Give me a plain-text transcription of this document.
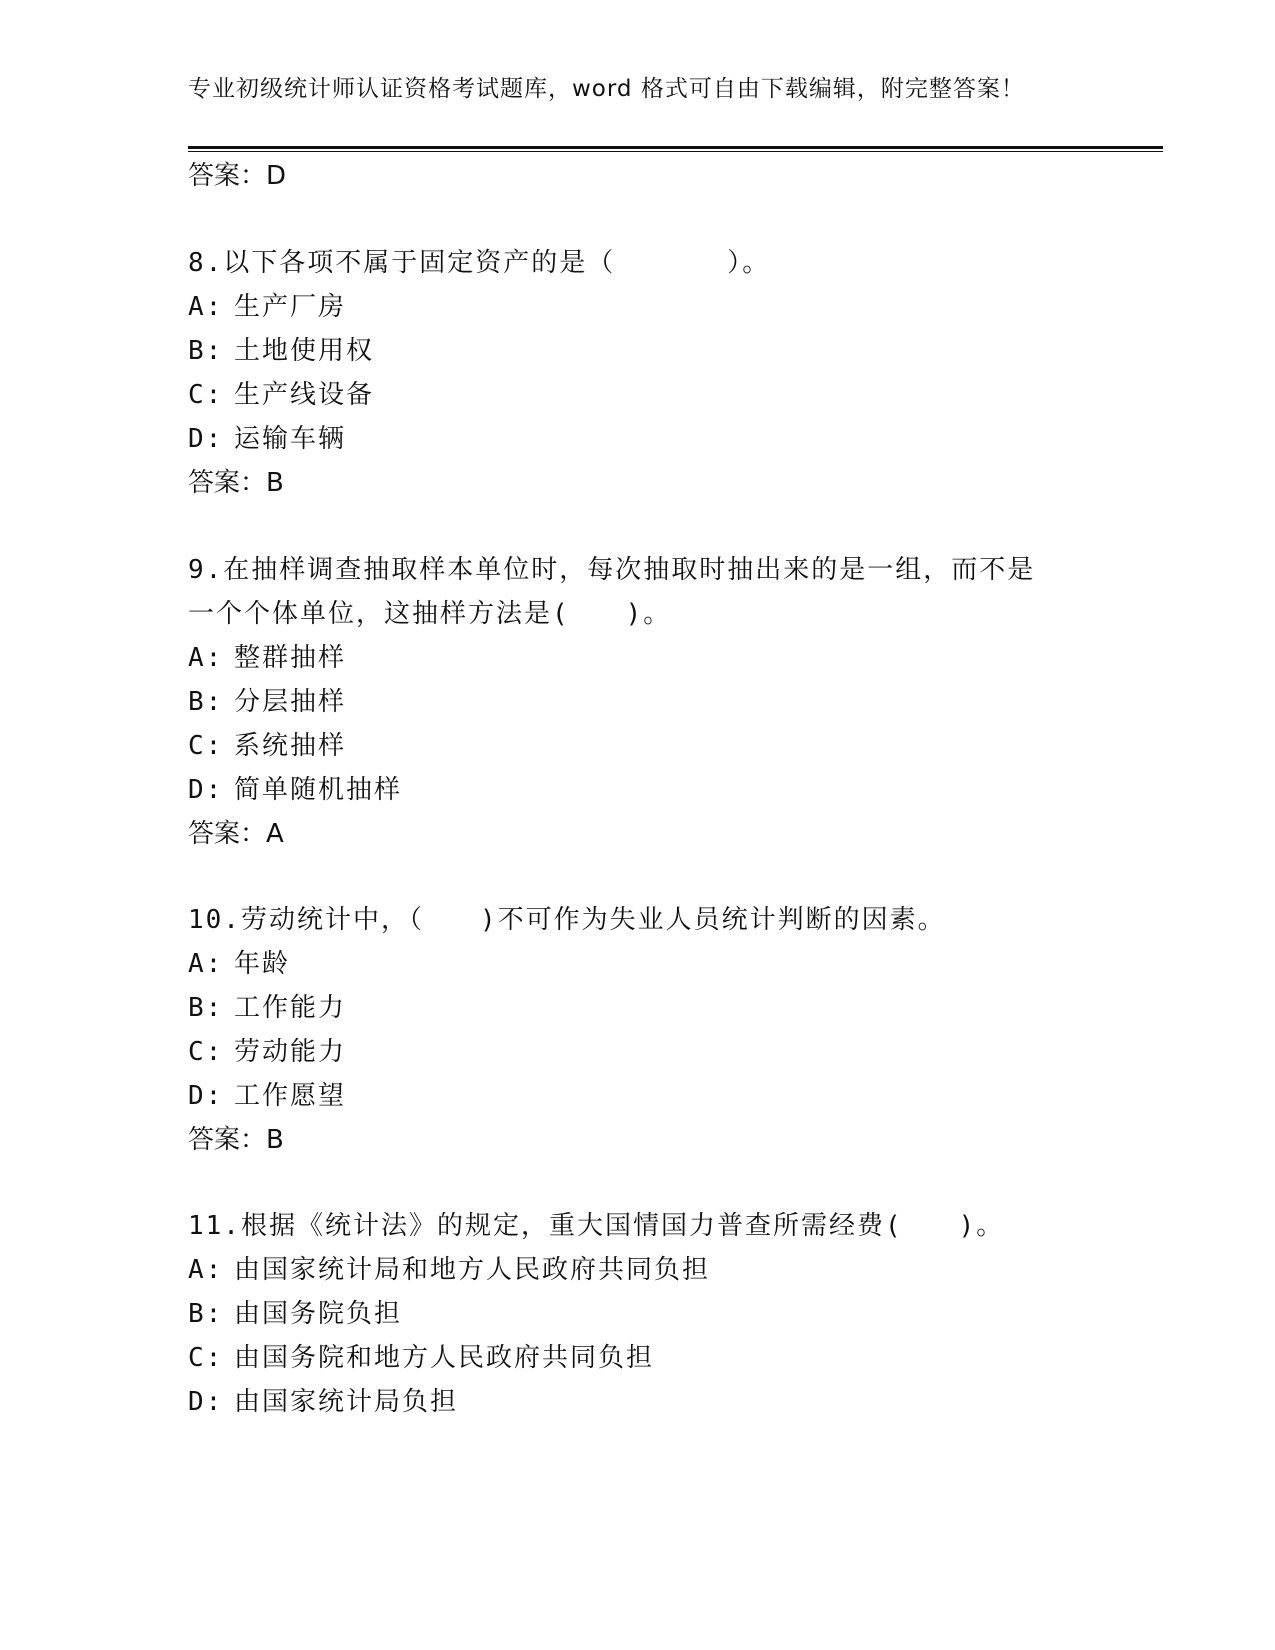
专业初级统计师认证资格考试题库，word 格式可自由下载编辑，附完整答案！
答案：D
8.以下各项不属于固定资产的是（　　　　）。
A: 生产厂房
B: 土地使用权
C: 生产线设备
D: 运输车辆
答案：B
9.在抽样调查抽取样本单位时，每次抽取时抽出来的是一组，而不是
一个个体单位，这抽样方法是(　　)。
A: 整群抽样
B: 分层抽样
C: 系统抽样
D: 简单随机抽样
答案：A
10.劳动统计中，（　　)不可作为失业人员统计判断的因素。
A: 年龄
B: 工作能力
C: 劳动能力
D: 工作愿望
答案：B
11.根据《统计法》的规定，重大国情国力普查所需经费(　　)。
A: 由国家统计局和地方人民政府共同负担
B: 由国务院负担
C: 由国务院和地方人民政府共同负担
D: 由国家统计局负担
